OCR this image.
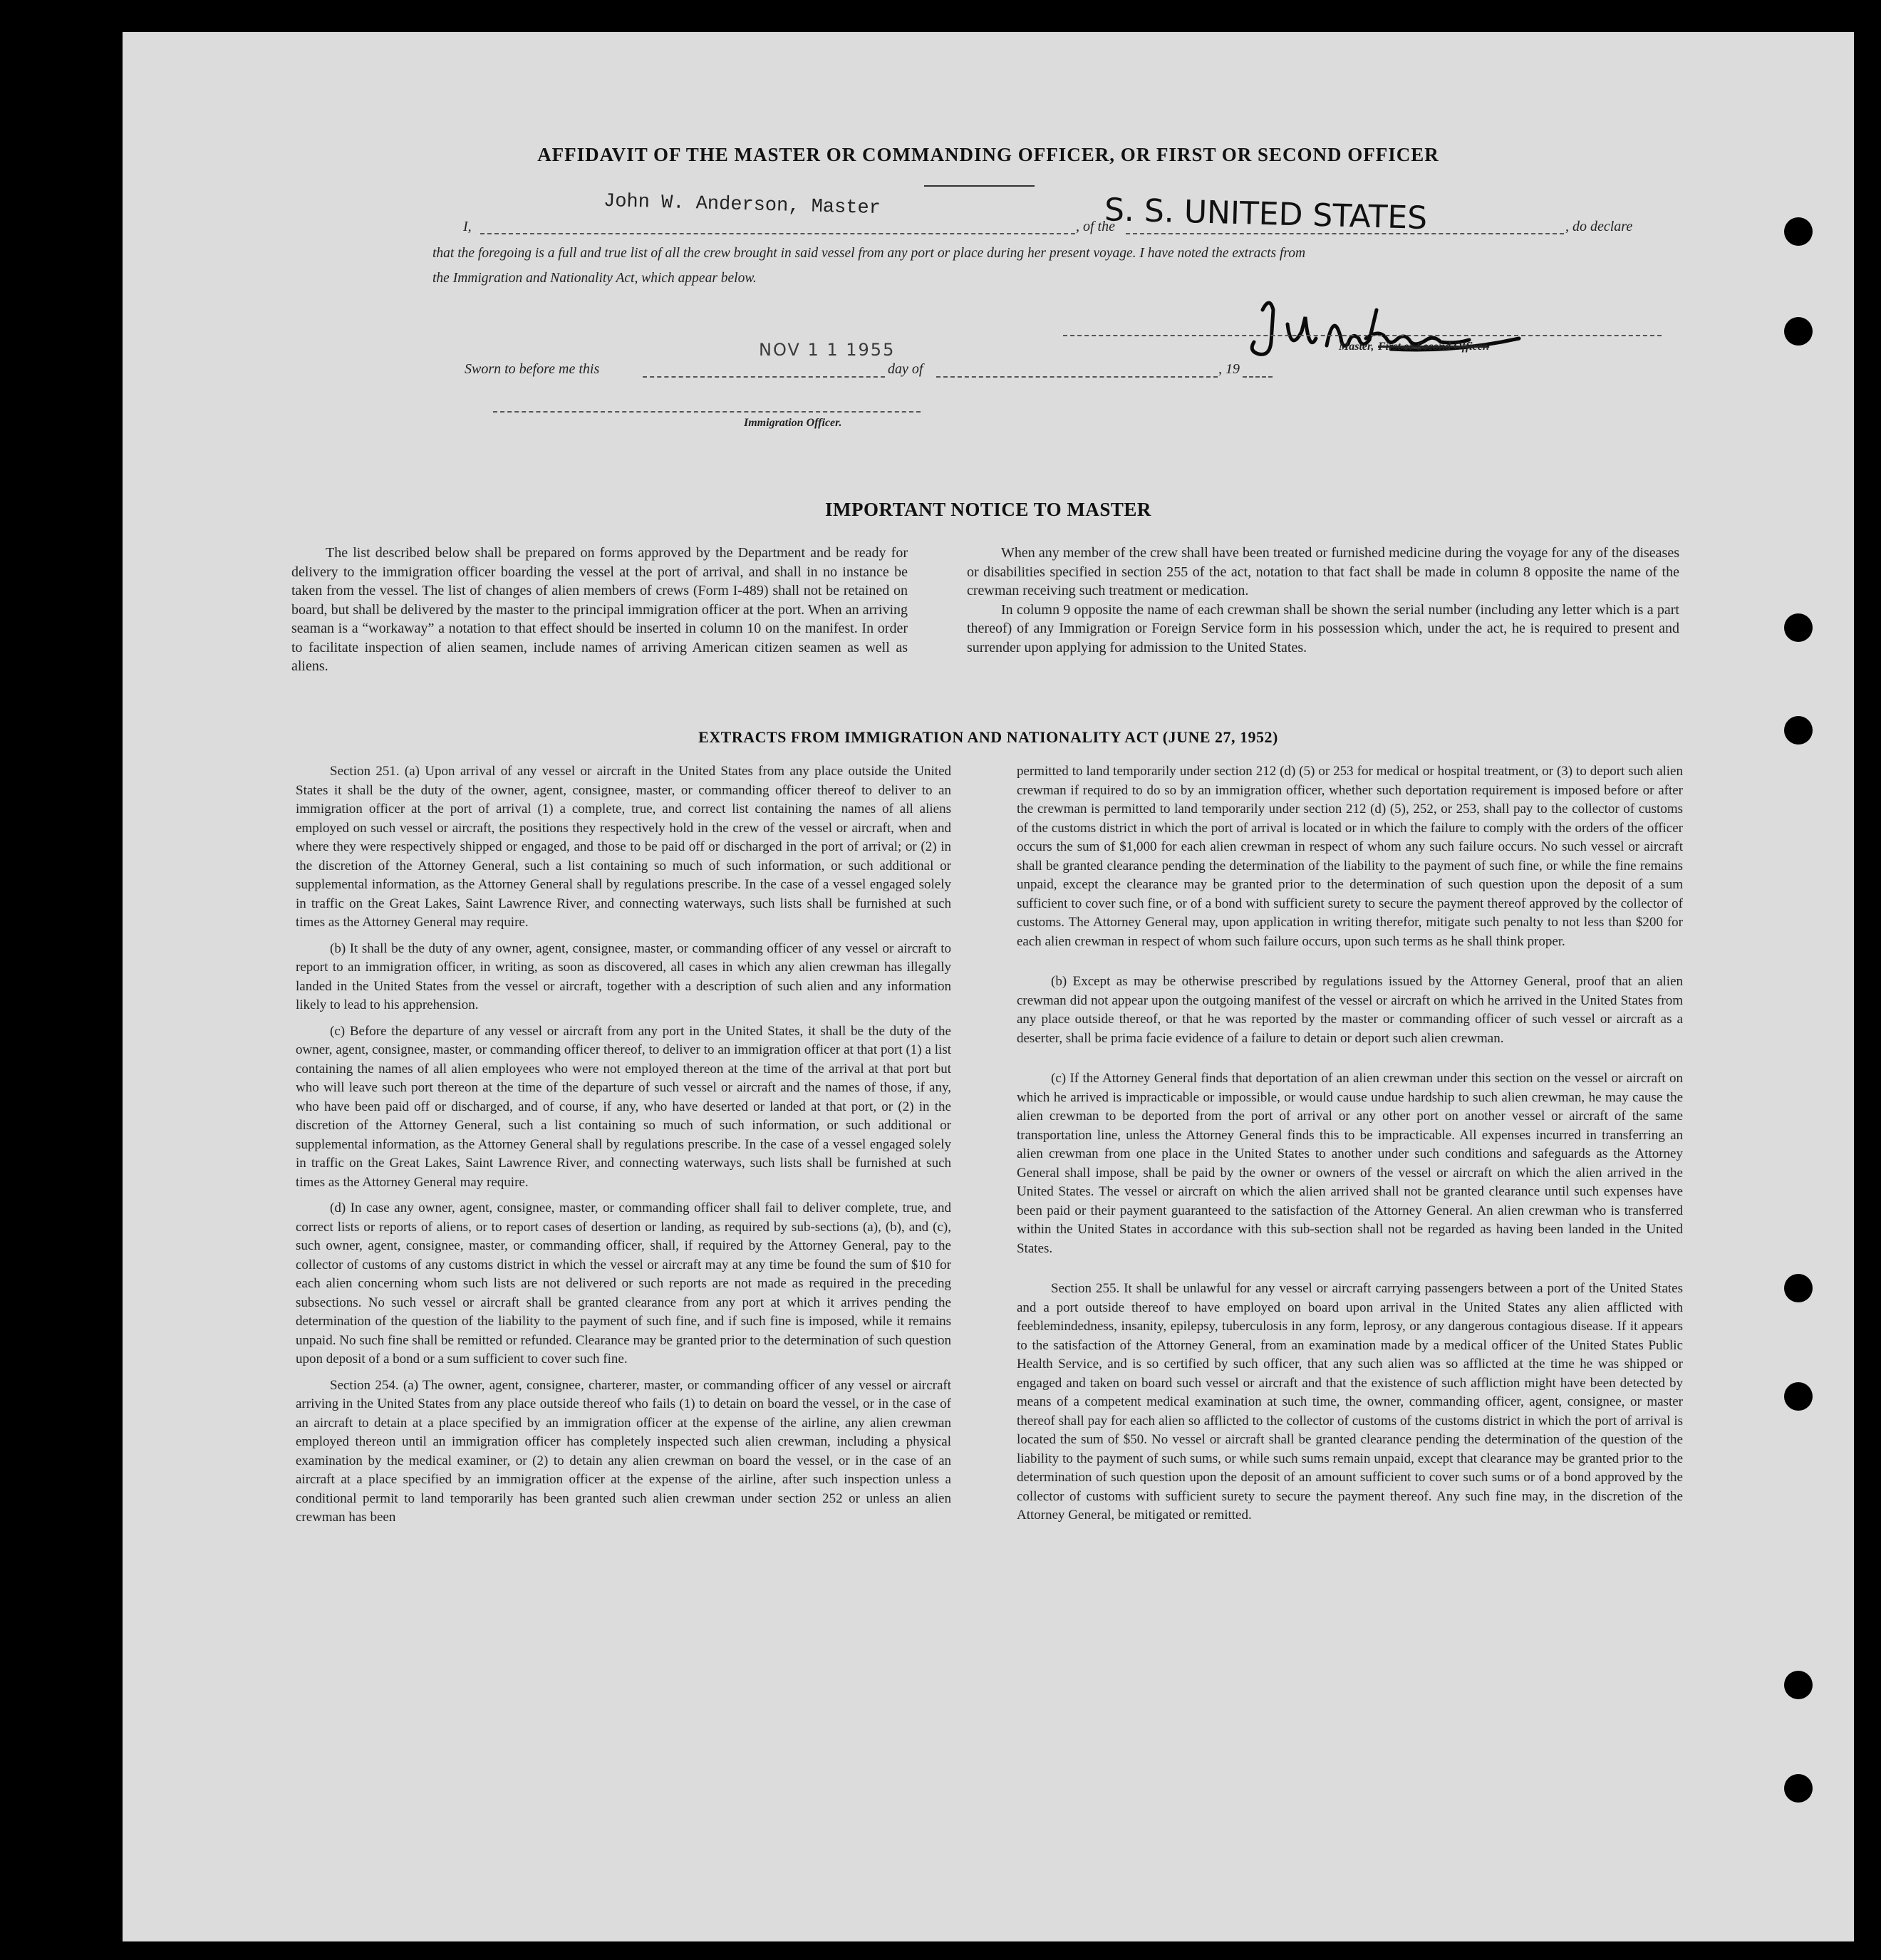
AFFIDAVIT OF THE MASTER OR COMMANDING OFFICER, OR FIRST OR SECOND OFFICER
I,
John W. Anderson, Master
, of the
S. S. UNITED STATES	, do declare
that the foregoing is a full and true list of all the crew brought in said vessel from any port or place during her present voyage. I have noted the extracts from
the Immigration and Nationality Act, which appear below.
Master, First or Second Officer.
NOV 1 1 1955
Sworn to before me this	day of	, 19
Immigration Officer.
IMPORTANT NOTICE TO MASTER

The list described below shall be prepared on forms approved by the Department and be ready for delivery to the immigration officer boarding the vessel at the port of arrival, and shall in no instance be taken from the vessel. The list of changes of alien members of crews (Form I-489) shall not be retained on board, but shall be delivered by the master to the principal immigration officer at the port. When an arriving seaman is a “workaway” a notation to that effect should be inserted in column 10 on the manifest. In order to facilitate inspection of alien seamen, include names of arriving American citizen seamen as well as aliens.

When any member of the crew shall have been treated or furnished medicine during the voyage for any of the diseases or disabilities specified in section 255 of the act, notation to that fact shall be made in column 8 opposite the name of the crewman receiving such treatment or medication.

In column 9 opposite the name of each crewman shall be shown the serial number (including any letter which is a part thereof) of any Immigration or Foreign Service form in his possession which, under the act, he is required to present and surrender upon applying for admission to the United States.

EXTRACTS FROM IMMIGRATION AND NATIONALITY ACT (JUNE 27, 1952)

Section 251. (a) Upon arrival of any vessel or aircraft in the United States from any place outside the United States it shall be the duty of the owner, agent, consignee, master, or commanding officer thereof to deliver to an immigration officer at the port of arrival (1) a complete, true, and correct list containing the names of all aliens employed on such vessel or aircraft, the positions they respectively hold in the crew of the vessel or aircraft, when and where they were respectively shipped or engaged, and those to be paid off or discharged in the port of arrival; or (2) in the discretion of the Attorney General, such a list containing so much of such information, or such additional or supplemental information, as the Attorney General shall by regulations prescribe. In the case of a vessel engaged solely in traffic on the Great Lakes, Saint Lawrence River, and connecting waterways, such lists shall be furnished at such times as the Attorney General may require.

(b) It shall be the duty of any owner, agent, consignee, master, or commanding officer of any vessel or aircraft to report to an immigration officer, in writing, as soon as discovered, all cases in which any alien crewman has illegally landed in the United States from the vessel or aircraft, together with a description of such alien and any information likely to lead to his apprehension.

(c) Before the departure of any vessel or aircraft from any port in the United States, it shall be the duty of the owner, agent, consignee, master, or commanding officer thereof, to deliver to an immigration officer at that port (1) a list containing the names of all alien employees who were not employed thereon at the time of the arrival at that port but who will leave such port thereon at the time of the departure of such vessel or aircraft and the names of those, if any, who have been paid off or discharged, and of course, if any, who have deserted or landed at that port, or (2) in the discretion of the Attorney General, such a list containing so much of such information, or such additional or supplemental information, as the Attorney General shall by regulations prescribe. In the case of a vessel engaged solely in traffic on the Great Lakes, Saint Lawrence River, and connecting waterways, such lists shall be furnished at such times as the Attorney General may require.

(d) In case any owner, agent, consignee, master, or commanding officer shall fail to deliver complete, true, and correct lists or reports of aliens, or to report cases of desertion or landing, as required by sub-sections (a), (b), and (c), such owner, agent, consignee, master, or commanding officer, shall, if required by the Attorney General, pay to the collector of customs of any customs district in which the vessel or aircraft may at any time be found the sum of $10 for each alien concerning whom such lists are not delivered or such reports are not made as required in the preceding subsections. No such vessel or aircraft shall be granted clearance from any port at which it arrives pending the determination of the question of the liability to the payment of such fine, and if such fine is imposed, while it remains unpaid. No such fine shall be remitted or refunded. Clearance may be granted prior to the determination of such question upon deposit of a bond or a sum sufficient to cover such fine.

Section 254. (a) The owner, agent, consignee, charterer, master, or commanding officer of any vessel or aircraft arriving in the United States from any place outside thereof who fails (1) to detain on board the vessel, or in the case of an aircraft to detain at a place specified by an immigration officer at the expense of the airline, any alien crewman employed thereon until an immigration officer has completely inspected such alien crewman, including a physical examination by the medical examiner, or (2) to detain any alien crewman on board the vessel, or in the case of an aircraft at a place specified by an immigration officer at the expense of the airline, after such inspection unless a conditional permit to land temporarily has been granted such alien crewman under section 252 or unless an alien crewman has been

permitted to land temporarily under section 212 (d) (5) or 253 for medical or hospital treatment, or (3) to deport such alien crewman if required to do so by an immigration officer, whether such deportation requirement is imposed before or after the crewman is permitted to land temporarily under section 212 (d) (5), 252, or 253, shall pay to the collector of customs of the customs district in which the port of arrival is located or in which the failure to comply with the orders of the officer occurs the sum of $1,000 for each alien crewman in respect of whom any such failure occurs. No such vessel or aircraft shall be granted clearance pending the determination of the liability to the payment of such fine, or while the fine remains unpaid, except the clearance may be granted prior to the determination of such question upon the deposit of a sum sufficient to cover such fine, or of a bond with sufficient surety to secure the payment thereof approved by the collector of customs. The Attorney General may, upon application in writing therefor, mitigate such penalty to not less than $200 for each alien crewman in respect of whom such failure occurs, upon such terms as he shall think proper.

(b) Except as may be otherwise prescribed by regulations issued by the Attorney General, proof that an alien crewman did not appear upon the outgoing manifest of the vessel or aircraft on which he arrived in the United States from any place outside thereof, or that he was reported by the master or commanding officer of such vessel or aircraft as a deserter, shall be prima facie evidence of a failure to detain or deport such alien crewman.

(c) If the Attorney General finds that deportation of an alien crewman under this section on the vessel or aircraft on which he arrived is impracticable or impossible, or would cause undue hardship to such alien crewman, he may cause the alien crewman to be deported from the port of arrival or any other port on another vessel or aircraft of the same transportation line, unless the Attorney General finds this to be impracticable. All expenses incurred in transferring an alien crewman from one place in the United States to another under such conditions and safeguards as the Attorney General shall impose, shall be paid by the owner or owners of the vessel or aircraft on which the alien arrived in the United States. The vessel or aircraft on which the alien arrived shall not be granted clearance until such expenses have been paid or their payment guaranteed to the satisfaction of the Attorney General. An alien crewman who is transferred within the United States in accordance with this sub-section shall not be regarded as having been landed in the United States.

Section 255. It shall be unlawful for any vessel or aircraft carrying passengers between a port of the United States and a port outside thereof to have employed on board upon arrival in the United States any alien afflicted with feeblemindedness, insanity, epilepsy, tuberculosis in any form, leprosy, or any dangerous contagious disease. If it appears to the satisfaction of the Attorney General, from an examination made by a medical officer of the United States Public Health Service, and is so certified by such officer, that any such alien was so afflicted at the time he was shipped or engaged and taken on board such vessel or aircraft and that the existence of such affliction might have been detected by means of a competent medical examination at such time, the owner, commanding officer, agent, consignee, or master thereof shall pay for each alien so afflicted to the collector of customs of the customs district in which the port of arrival is located the sum of $50. No vessel or aircraft shall be granted clearance pending the determination of the question of the liability to the payment of such sums, or while such sums remain unpaid, except that clearance may be granted prior to the determination of such question upon the deposit of an amount sufficient to cover such sums or of a bond approved by the collector of customs with sufficient surety to secure the payment thereof. Any such fine may, in the discretion of the Attorney General, be mitigated or remitted.
